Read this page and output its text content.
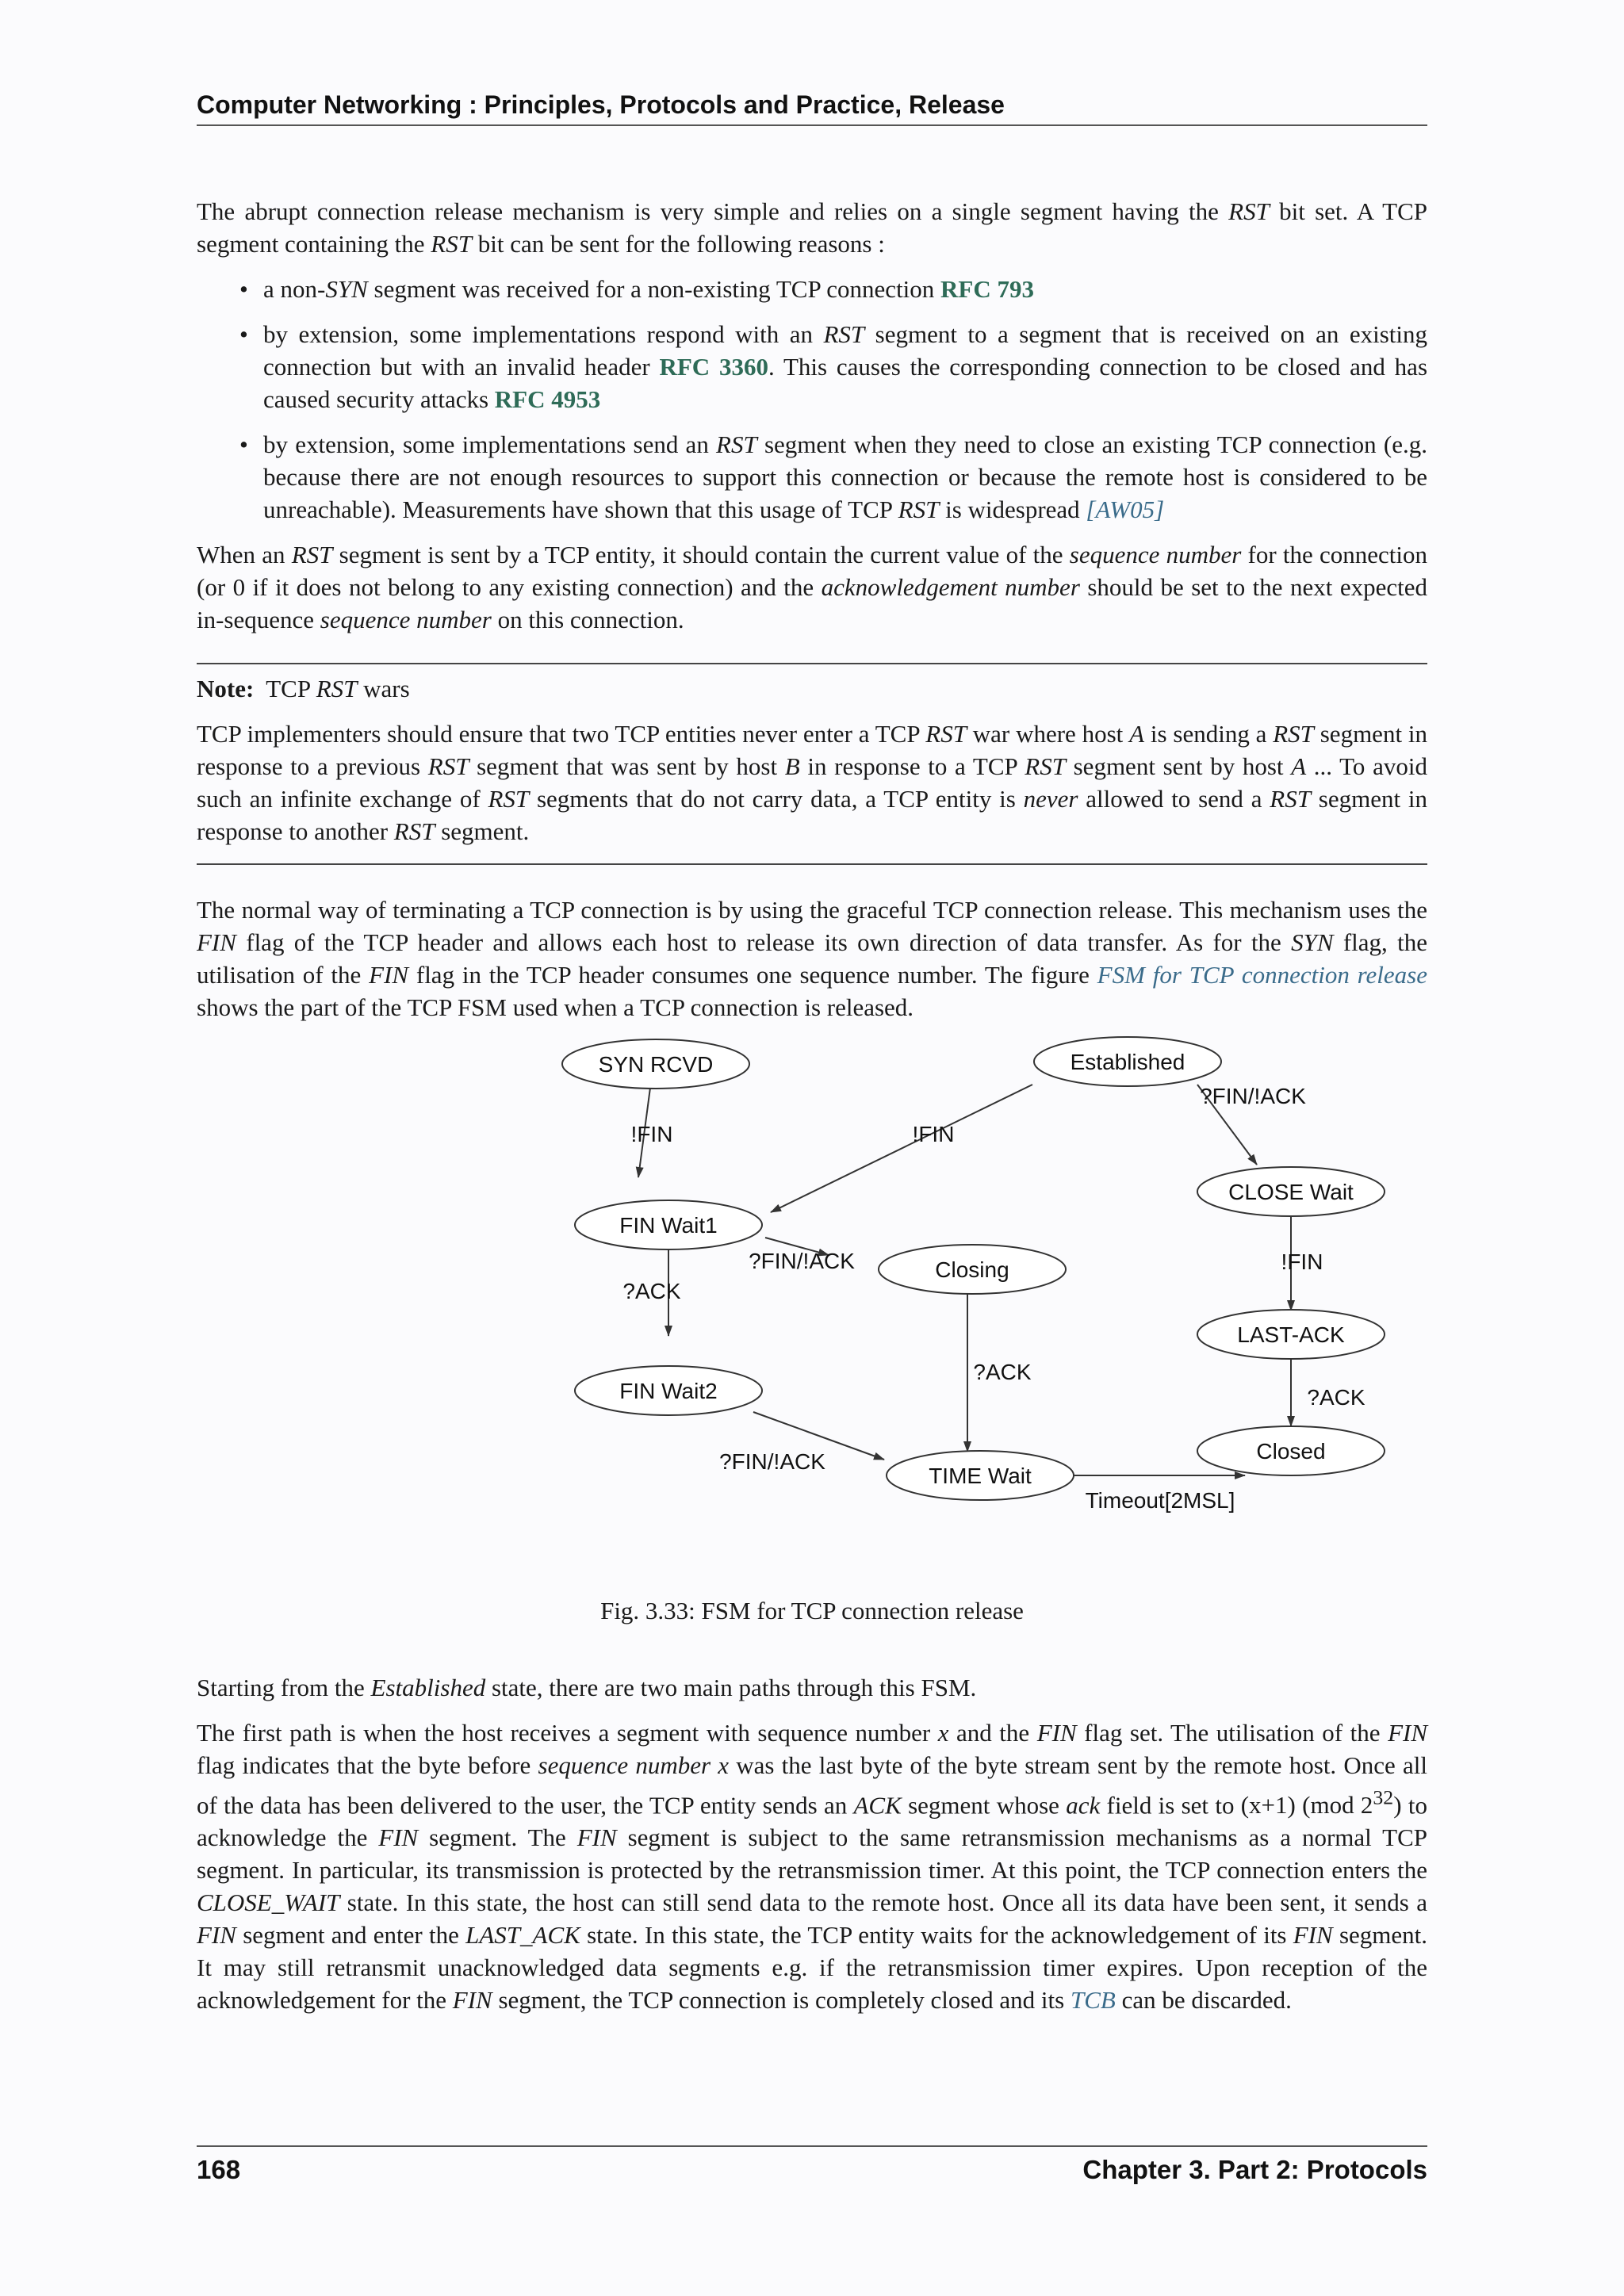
Computer Networking : Principles, Protocols and Practice, Release

The abrupt connection release mechanism is very simple and relies on a single segment having the RST bit set. A TCP segment containing the RST bit can be sent for the following reasons :

• a non-SYN segment was received for a non-existing TCP connection RFC 793
• by extension, some implementations respond with an RST segment to a segment that is received on an existing connection but with an invalid header RFC 3360. This causes the corresponding connection to be closed and has caused security attacks RFC 4953
• by extension, some implementations send an RST segment when they need to close an existing TCP connection (e.g. because there are not enough resources to support this connection or because the remote host is considered to be unreachable). Measurements have shown that this usage of TCP RST is widespread [AW05]

When an RST segment is sent by a TCP entity, it should contain the current value of the sequence number for the connection (or 0 if it does not belong to any existing connection) and the acknowledgement number should be set to the next expected in-sequence sequence number on this connection.

Note: TCP RST wars

TCP implementers should ensure that two TCP entities never enter a TCP RST war where host A is sending a RST segment in response to a previous RST segment that was sent by host B in response to a TCP RST segment sent by host A ... To avoid such an infinite exchange of RST segments that do not carry data, a TCP entity is never allowed to send a RST segment in response to another RST segment.

The normal way of terminating a TCP connection is by using the graceful TCP connection release. This mechanism uses the FIN flag of the TCP header and allows each host to release its own direction of data transfer. As for the SYN flag, the utilisation of the FIN flag in the TCP header consumes one sequence number. The figure FSM for TCP connection release shows the part of the TCP FSM used when a TCP connection is released.

SYN RCVD	Established
FIN Wait1
Closing
CLOSE Wait
LAST-ACK
FIN Wait2
TIME Wait
Closed
!FIN	!FIN
?FIN/!ACK
?FIN/!ACK
?ACK
?ACK
?FIN/!ACK
!FIN
?ACK
Timeout[2MSL]

Fig. 3.33: FSM for TCP connection release

Starting from the Established state, there are two main paths through this FSM.

The first path is when the host receives a segment with sequence number x and the FIN flag set. The utilisation of the FIN flag indicates that the byte before sequence number x was the last byte of the byte stream sent by the remote host. Once all of the data has been delivered to the user, the TCP entity sends an ACK segment whose ack field is set to (x+1) (mod $2^{32}$) to acknowledge the FIN segment. The FIN segment is subject to the same retransmission mechanisms as a normal TCP segment. In particular, its transmission is protected by the retransmission timer. At this point, the TCP connection enters the CLOSE_WAIT state. In this state, the host can still send data to the remote host. Once all its data have been sent, it sends a FIN segment and enter the LAST_ACK state. In this state, the TCP entity waits for the acknowledgement of its FIN segment. It may still retransmit unacknowledged data segments e.g. if the retransmission timer expires. Upon reception of the acknowledgement for the FIN segment, the TCP connection is completely closed and its TCB can be discarded.

168	Chapter 3. Part 2: Protocols
